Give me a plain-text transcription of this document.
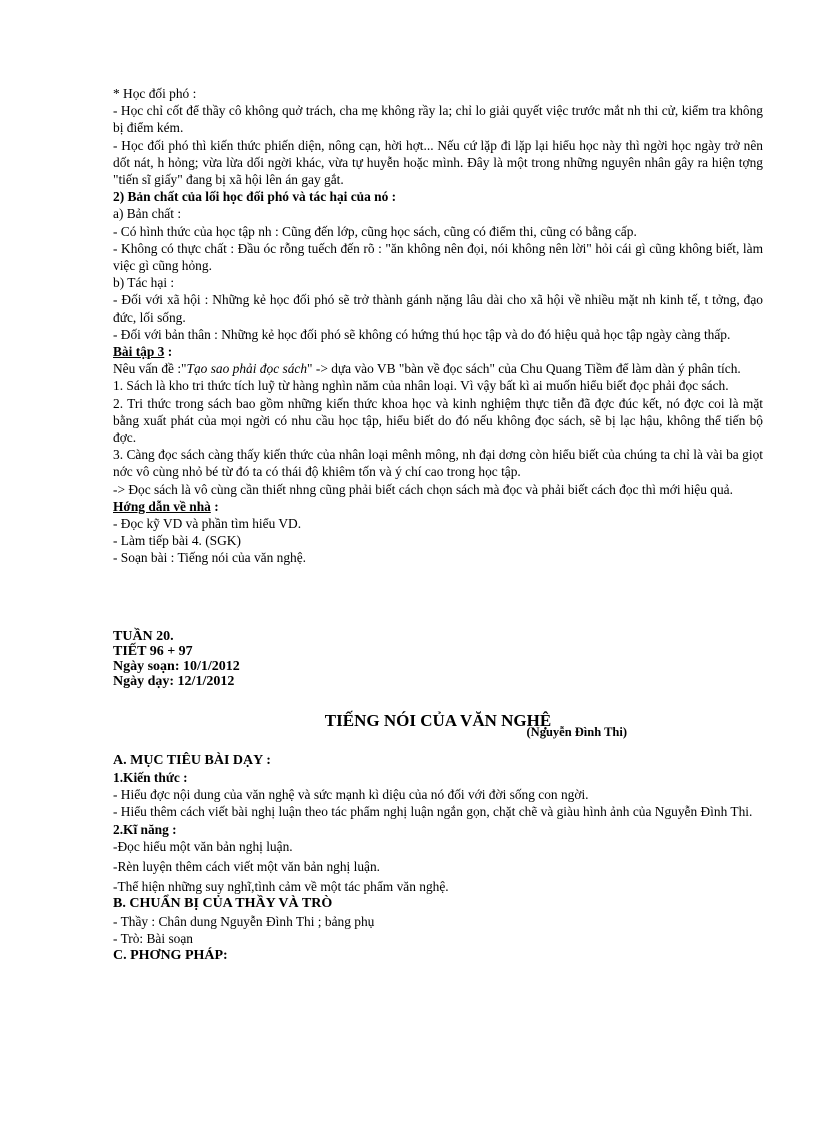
* Học đối phó :

- Học chỉ cốt để thầy cô không quở trách, cha mẹ không rầy la; chỉ lo giải quyết việc trước mắt nh thi cử, kiểm tra không bị điểm kém.

- Học đối phó thì kiến thức phiến diện, nông cạn, hời hợt... Nếu cứ lặp đi lặp lại hiểu học này thì ngời học ngày trở nên dốt nát, h hỏng; vừa lừa dối ngời khác, vừa tự huyễn hoặc mình. Đây là một trong những nguyên nhân gây ra hiện tợng "tiến sĩ giấy" đang bị xã hội lên án gay gắt.

2) Bản chất của lối học đối phó và tác hại của nó :

a) Bản chất :

- Có hình thức của học tập nh : Cũng đến lớp, cũng học sách, cũng có điểm thi, cũng có bằng cấp.

- Không có thực chất : Đầu óc rỗng tuếch đến rõ : "ăn không nên đọi, nói không nên lời" hỏi cái gì cũng không biết, làm việc gì cũng hỏng.

b) Tác hại :

- Đối với xã hội : Những kẻ học đối phó sẽ trở thành gánh nặng lâu dài cho xã hội về nhiều mặt nh kinh tế, t tởng, đạo đức, lối sống.

- Đối với bản thân : Những kẻ học đối phó sẽ không có hứng thú học tập và do đó hiệu quả học tập ngày càng thấp.

Bài tập 3 :

Nêu vấn đề :"Tạo sao phải đọc sách" -> dựa vào VB "bàn về đọc sách" của Chu Quang Tiềm để làm dàn ý phân tích.

1. Sách là kho tri thức tích luỹ từ hàng nghìn năm của nhân loại. Vì vậy bất kì ai muốn hiểu biết đọc phải đọc sách.

2. Tri thức trong sách bao gồm những kiến thức khoa học và kinh nghiệm thực tiễn đã đợc đúc kết, nó đợc coi là mặt bằng xuất phát của mọi ngời có nhu cầu học tập, hiểu biết do đó nếu không đọc sách, sẽ bị lạc hậu, không thể tiến bộ đợc.

3. Càng đọc sách càng thấy kiến thức của nhân loại mênh mông, nh đại dơng còn hiểu biết của chúng ta chỉ là vài ba giọt nớc vô cùng nhỏ bé từ đó ta có thái độ khiêm tốn và ý chí cao trong học tập.

-> Đọc sách là vô cùng cần thiết nhng cũng phải biết cách chọn sách mà đọc và phải biết cách đọc thì mới hiệu quả.

Hớng dẫn về nhà :

- Đọc kỹ VD và phần tìm hiểu VD.

- Làm tiếp bài 4. (SGK)

- Soạn bài : Tiếng nói của văn nghệ.

TUẦN 20.

TIẾT 96 + 97

Ngày soạn: 10/1/2012

Ngày dạy: 12/1/2012

TIẾNG NÓI CỦA VĂN NGHỆ

(Nguyễn Đình Thi)

A. MỤC TIÊU BÀI DẠY :

1.Kiến thức :

- Hiểu đợc nội dung của văn nghệ và sức mạnh kì diệu của nó đối với đời sống con ngời.

- Hiểu thêm cách viết bài nghị luận theo tác phẩm nghị luận ngắn gọn, chặt chẽ và giàu hình ảnh của Nguyễn Đình Thi.

2.Kĩ năng :

-Đọc hiểu một văn bản nghị luận.

-Rèn luyện thêm cách viết một văn bản nghị luận.

-Thể hiện những suy nghĩ,tình cảm về một tác phẩm văn nghệ.

B. CHUẨN BỊ CỦA THẦY VÀ TRÒ

- Thầy : Chân dung Nguyễn Đình Thi ; bảng phụ

- Trò: Bài soạn

C. PHƠNG PHÁP:
